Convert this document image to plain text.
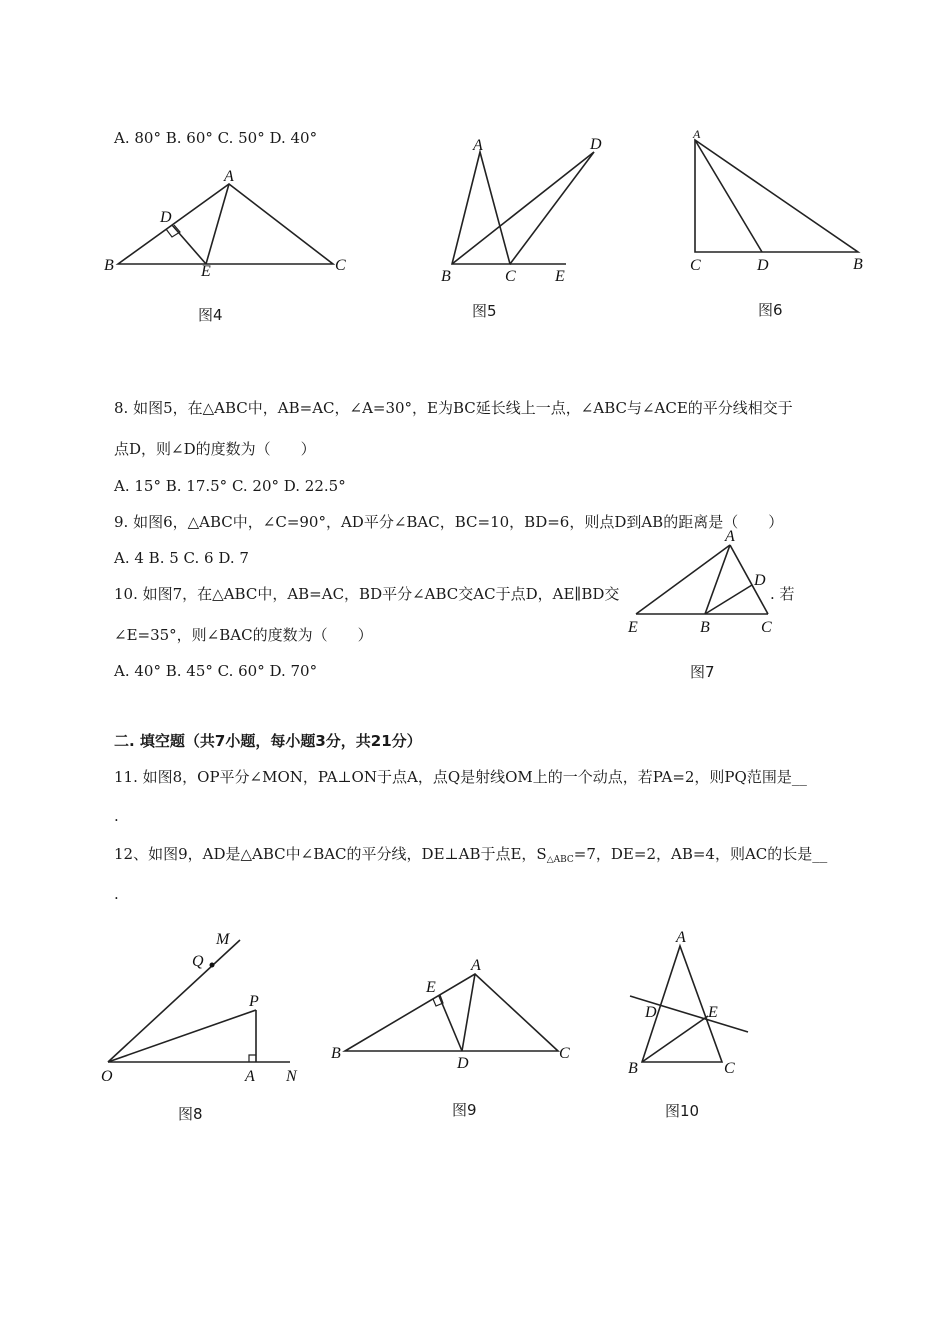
A. 80° B. 60° C. 50° D. 40°
A
D
B	E	C
图4
A	D
B	C E
图5
A
C	D	B
图6
8. 如图5，在△ABC中，AB=AC，∠A=30°，E为BC延长线上一点，∠ABC与∠ACE的平分线相交于
点D，则∠D的度数为（　　）
A. 15° B. 17.5° C. 20° D. 22.5°
9. 如图6，△ABC中，∠C=90°，AD平分∠BAC，BC=10，BD=6，则点D到AB的距离是（　　）
A. 4 B. 5 C. 6 D. 7
10. 如图7，在△ABC中，AB=AC，BD平分∠ABC交AC于点D，AE∥BD交	. 若
∠E=35°，则∠BAC的度数为（　　）
A. 40° B. 45° C. 60° D. 70°
A
D
E	B	C
图7
二. 填空题（共7小题，每小题3分，共21分）
11. 如图8，OP平分∠MON，PA⊥ON于点A，点Q是射线OM上的一个动点，若PA=2，则PQ范围是__
.
12、如图9，AD是△ABC中∠BAC的平分线，DE⊥AB于点E，$S_{\triangle ABC}=7$，DE=2，AB=4，则AC的长是__
.
M
Q
P
O	A N
图8
E
A
B
D
C
图9
A
D	E
B	C
图10
